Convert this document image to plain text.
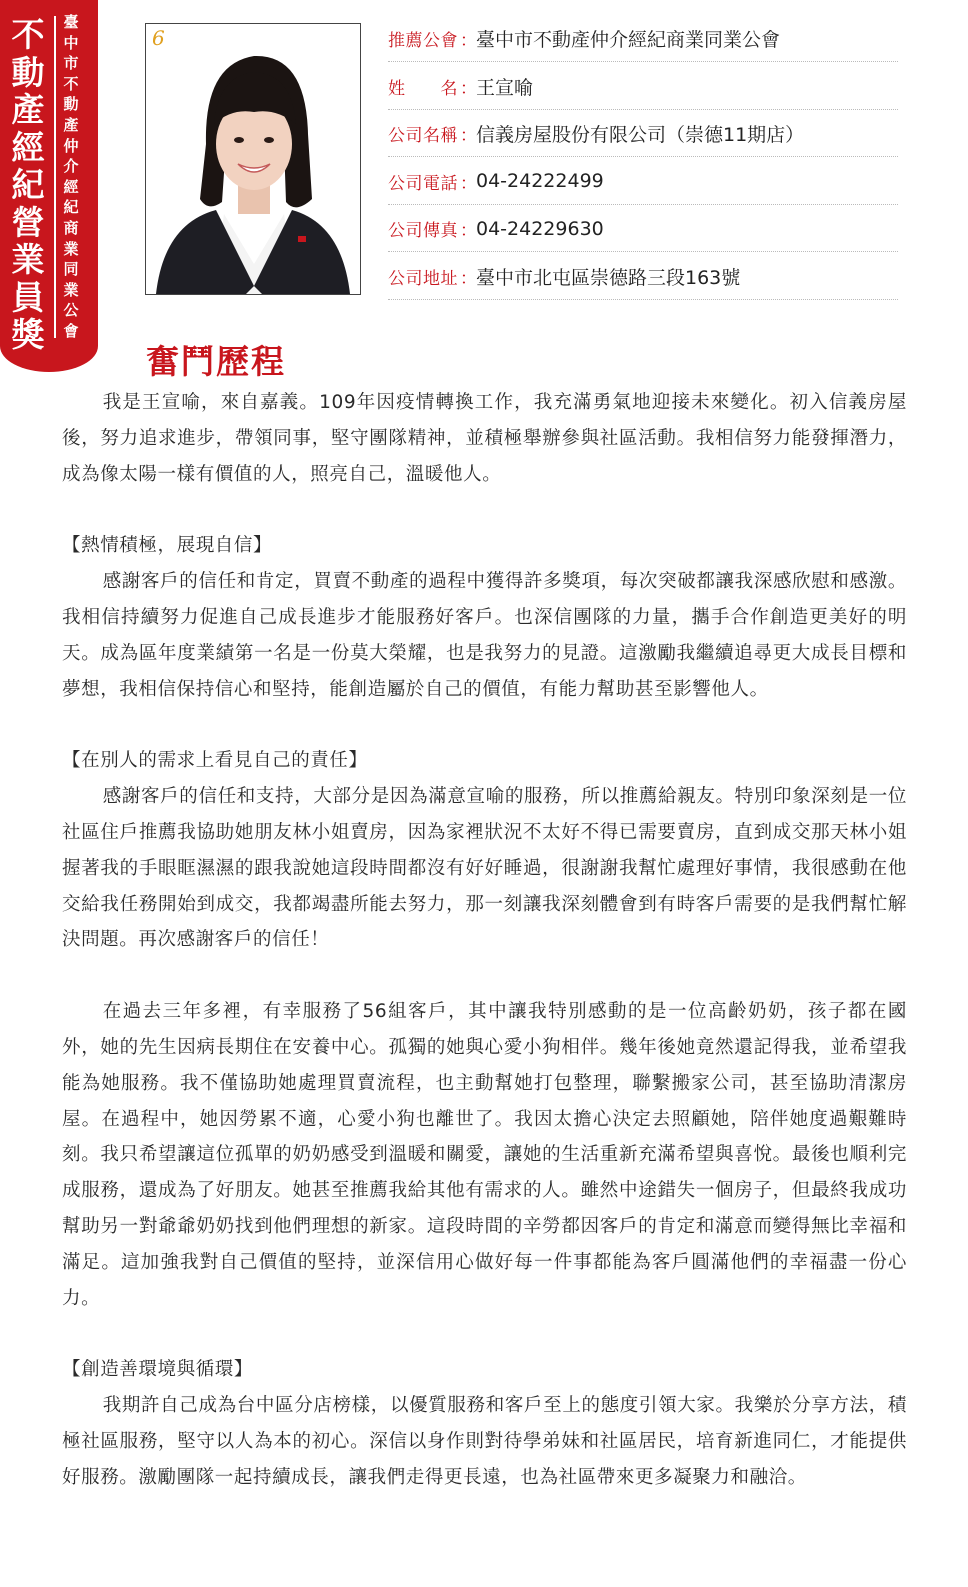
不
動
產
經
紀
營
業
員
獎
臺
中
市
不
動
產
仲
介
經
紀
商
業
同
業
公
會
6	推薦公會 ： 臺中市不動產仲介經紀商業同業公會
姓　　名 ： 王宣喻
公司名稱 ： 信義房屋股份有限公司（崇德11期店）
公司電話 ： 04-24222499
公司傳真 ： 04-24229630
公司地址 ： 臺中市北屯區崇德路三段163號
奮鬥歷程

我是王宣喻，來自嘉義。109年因疫情轉換工作，我充滿勇氣地迎接未來變化。初入信義房屋後，努力追求進步，帶領同事，堅守團隊精神，並積極舉辦參與社區活動。我相信努力能發揮潛力，成為像太陽一樣有價值的人，照亮自己，溫暖他人。

【熱情積極，展現自信】

感謝客戶的信任和肯定，買賣不動產的過程中獲得許多獎項，每次突破都讓我深感欣慰和感激。我相信持續努力促進自己成長進步才能服務好客戶。也深信團隊的力量，攜手合作創造更美好的明天。成為區年度業績第一名是一份莫大榮耀，也是我努力的見證。這激勵我繼續追尋更大成長目標和夢想，我相信保持信心和堅持，能創造屬於自己的價值，有能力幫助甚至影響他人。

【在別人的需求上看見自己的責任】

感謝客戶的信任和支持，大部分是因為滿意宣喻的服務，所以推薦給親友。特別印象深刻是一位社區住戶推薦我協助她朋友林小姐賣房，因為家裡狀況不太好不得已需要賣房，直到成交那天林小姐握著我的手眼眶濕濕的跟我說她這段時間都沒有好好睡過，很謝謝我幫忙處理好事情，我很感動在他交給我任務開始到成交，我都竭盡所能去努力，那一刻讓我深刻體會到有時客戶需要的是我們幫忙解決問題。再次感謝客戶的信任！

在過去三年多裡，有幸服務了56組客戶，其中讓我特別感動的是一位高齡奶奶，孩子都在國外，她的先生因病長期住在安養中心。孤獨的她與心愛小狗相伴。幾年後她竟然還記得我，並希望我能為她服務。我不僅協助她處理買賣流程，也主動幫她打包整理，聯繫搬家公司，甚至協助清潔房屋。在過程中，她因勞累不適，心愛小狗也離世了。我因太擔心決定去照顧她，陪伴她度過艱難時刻。我只希望讓這位孤單的奶奶感受到溫暖和關愛，讓她的生活重新充滿希望與喜悅。最後也順利完成服務，還成為了好朋友。她甚至推薦我給其他有需求的人。雖然中途錯失一個房子，但最終我成功幫助另一對爺爺奶奶找到他們理想的新家。這段時間的辛勞都因客戶的肯定和滿意而變得無比幸福和滿足。這加強我對自己價值的堅持，並深信用心做好每一件事都能為客戶圓滿他們的幸福盡一份心力。

【創造善環境與循環】

我期許自己成為台中區分店榜樣，以優質服務和客戶至上的態度引領大家。我樂於分享方法，積極社區服務，堅守以人為本的初心。深信以身作則對待學弟妹和社區居民，培育新進同仁，才能提供好服務。激勵團隊一起持續成長，讓我們走得更長遠，也為社區帶來更多凝聚力和融洽。
